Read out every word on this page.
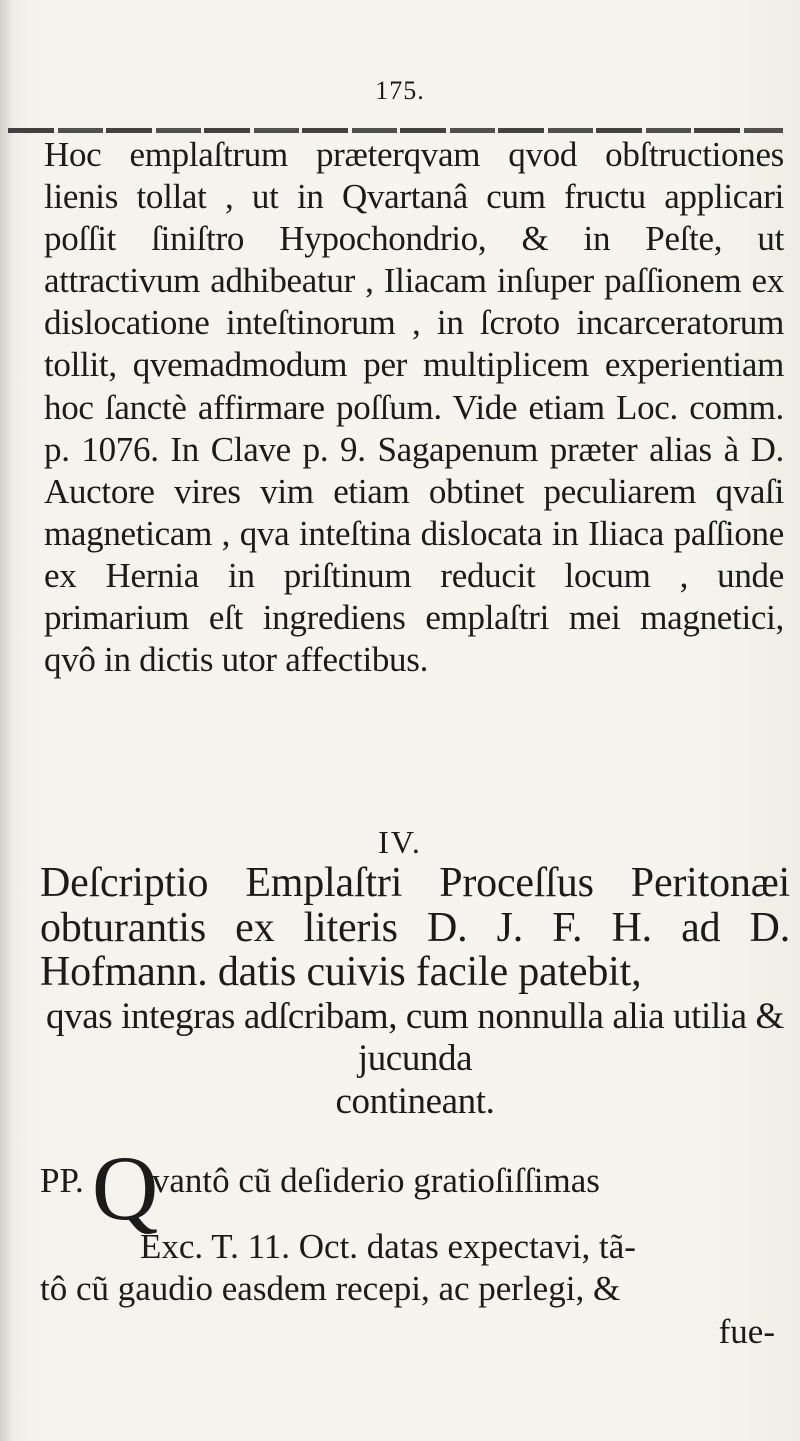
175.
Hoc emplaſtrum præterqvam qvod obſtructiones lienis tollat , ut in Qvartanâ cum fructu applicari poſſit ſiniſtro Hypochondrio, & in Peſte, ut attractivum adhibeatur , Iliacam inſuper paſſionem ex dislocatione inteſtinorum , in ſcroto incarceratorum tollit, qvemadmodum per multiplicem experientiam hoc ſanctè affirmare poſſum. Vide etiam Loc. comm. p. 1076. In Clave p. 9. Sagapenum præter alias à D. Auctore vires vim etiam obtinet peculiarem qvaſi magneticam , qva inteſtina dislocata in Iliaca paſſione ex Hernia in priſtinum reducit locum , unde primarium eſt ingrediens emplaſtri mei magnetici, qvô in dictis utor affectibus.
IV.
Deſcriptio Emplaſtri Proceſſus Peritonæi obturantis ex literis D. J. F. H. ad D. Hofmann. datis cuivis facile patebit,
qvas integras adſcribam, cum nonnulla alia utilia & jucunda
contineant.
PP.Qvantô cũ deſiderio gratioſiſſimas
Exc. T. 11. Oct. datas expectavi, tã-
tô cũ gaudio easdem recepi, ac perlegi, &
fue-
